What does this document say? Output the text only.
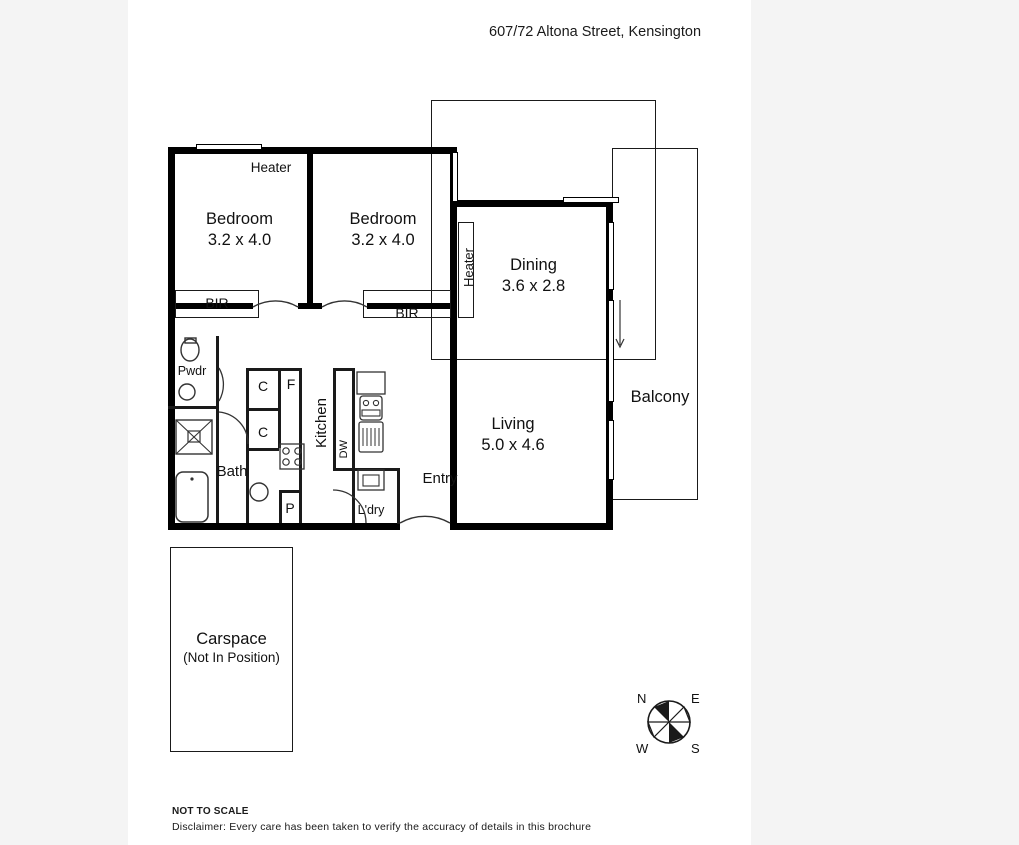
607/72 Altona Street, Kensington
Bedroom
3.2 x 4.0
Bedroom
3.2 x 4.0
Dining
3.6 x 2.8
Living
5.0 x 4.6
Balcony
Bath
Pwdr
L'dry
Entry
Kitchen
DW
Heater
Heater
BIR
BIR
C
C
F
P
Carspace
(Not In Position)
N	E
S
W
NOT TO SCALE
Disclaimer: Every care has been taken to verify the accuracy of details in this brochure
